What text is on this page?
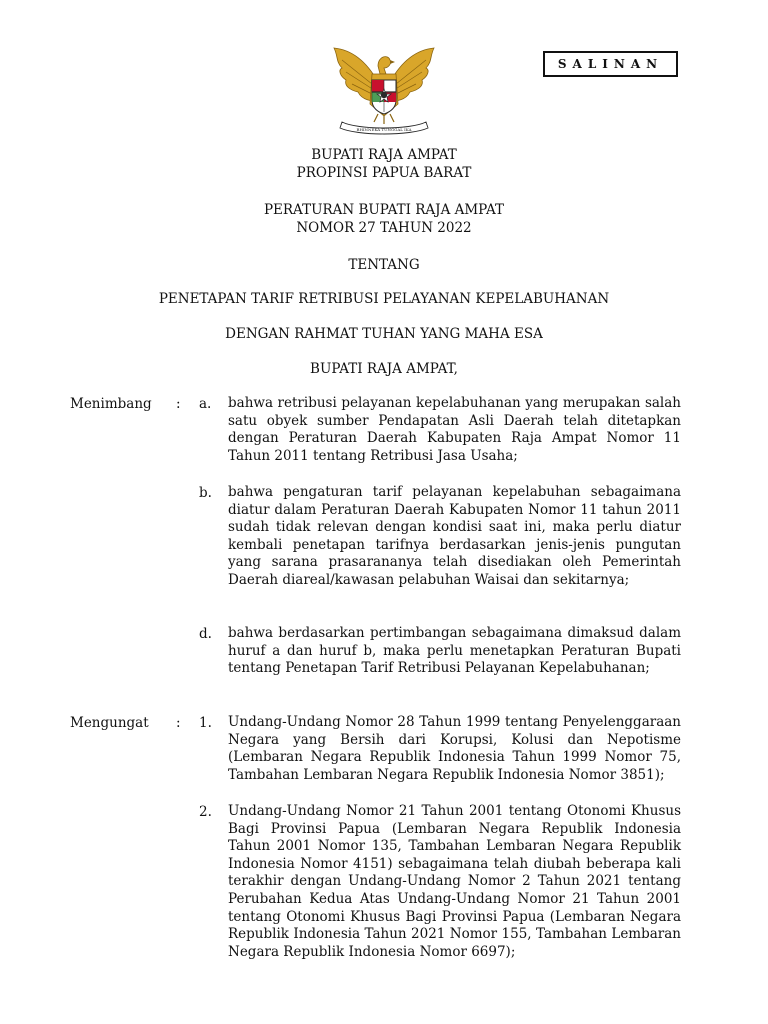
SALINAN
BHINNEKA TUNGGAL IKA
BUPATI RAJA AMPAT
PROPINSI PAPUA BARAT
PERATURAN BUPATI RAJA AMPAT
NOMOR 27 TAHUN 2022
TENTANG
PENETAPAN TARIF RETRIBUSI PELAYANAN KEPELABUHANAN
DENGAN RAHMAT TUHAN YANG MAHA ESA
BUPATI RAJA AMPAT,
Menimbang : a. bahwa retribusi pelayanan kepelabuhanan yang merupakan salah satu obyek sumber Pendapatan Asli Daerah telah ditetapkan dengan Peraturan Daerah Kabupaten Raja Ampat Nomor 11 Tahun 2011 tentang Retribusi Jasa Usaha;
b. bahwa pengaturan tarif pelayanan kepelabuhan sebagaimana diatur dalam Peraturan Daerah Kabupaten Nomor 11 tahun 2011 sudah tidak relevan dengan kondisi saat ini, maka perlu diatur kembali penetapan tarifnya berdasarkan jenis-jenis pungutan yang sarana prasarananya telah disediakan oleh Pemerintah Daerah diareal/kawasan pelabuhan Waisai dan sekitarnya;
d. bahwa berdasarkan pertimbangan sebagaimana dimaksud dalam huruf a dan huruf b, maka perlu menetapkan Peraturan Bupati tentang Penetapan Tarif Retribusi Pelayanan Kepelabuhanan;
Mengungat : 1. Undang-Undang Nomor 28 Tahun 1999 tentang Penyelenggaraan Negara yang Bersih dari Korupsi, Kolusi dan Nepotisme (Lembaran Negara Republik Indonesia Tahun 1999 Nomor 75, Tambahan Lembaran Negara Republik Indonesia Nomor 3851);
2. Undang-Undang Nomor 21 Tahun 2001 tentang Otonomi Khusus Bagi Provinsi Papua (Lembaran Negara Republik Indonesia Tahun 2001 Nomor 135, Tambahan Lembaran Negara Republik Indonesia Nomor 4151) sebagaimana telah diubah beberapa kali terakhir dengan Undang-Undang Nomor 2 Tahun 2021 tentang Perubahan Kedua Atas Undang-Undang Nomor 21 Tahun 2001 tentang Otonomi Khusus Bagi Provinsi Papua (Lembaran Negara Republik Indonesia Tahun 2021 Nomor 155, Tambahan Lembaran Negara Republik Indonesia Nomor 6697);
